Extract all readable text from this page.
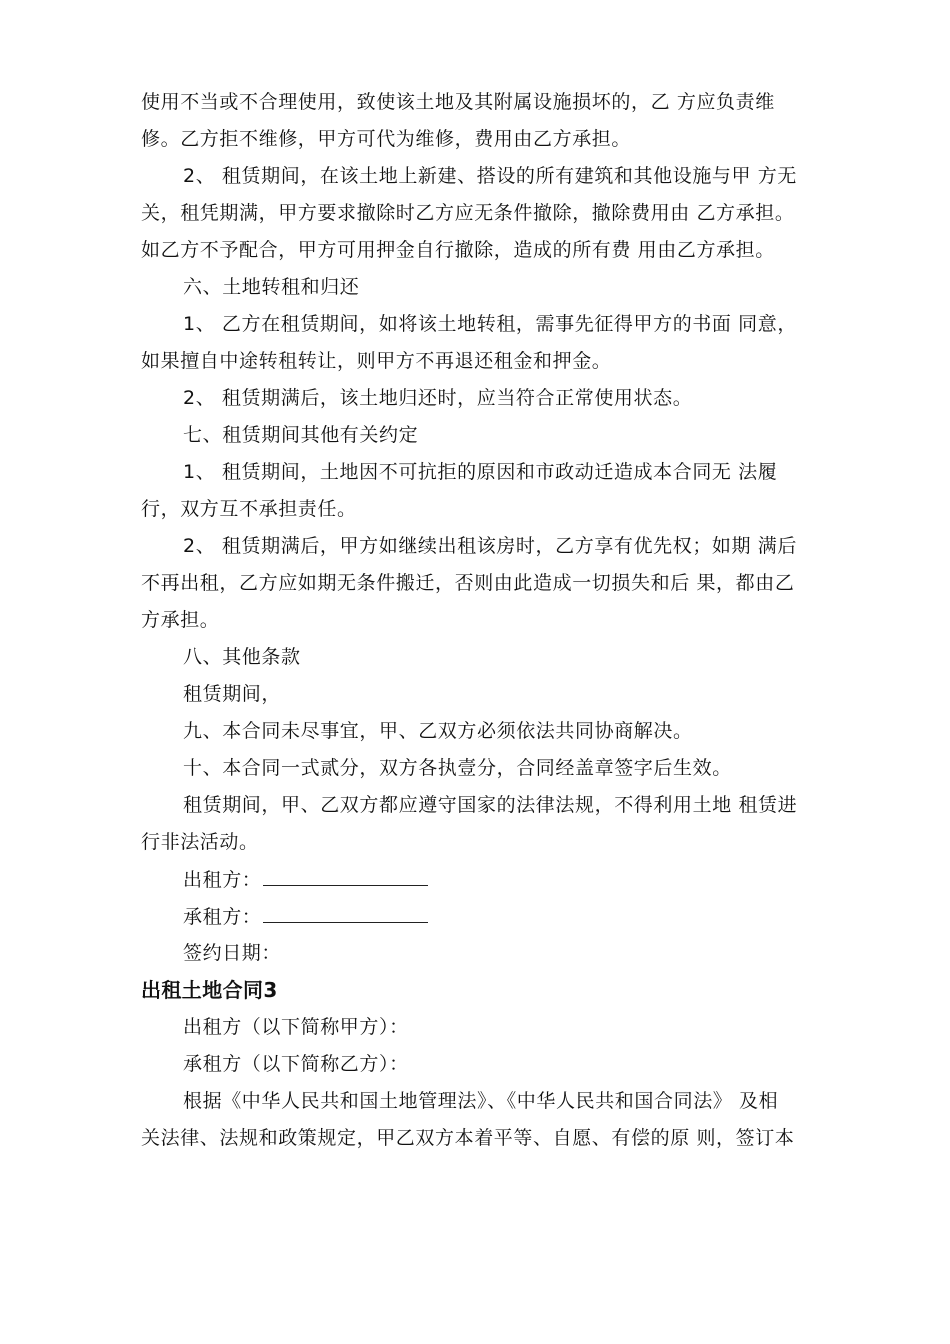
使用不当或不合理使用，致使该土地及其附属设施损坏的，乙 方应负责维
修。乙方拒不维修，甲方可代为维修，费用由乙方承担。
2、 租赁期间，在该土地上新建、搭设的所有建筑和其他设施与甲 方无
关，租凭期满，甲方要求撤除时乙方应无条件撤除，撤除费用由 乙方承担。
如乙方不予配合，甲方可用押金自行撤除，造成的所有费 用由乙方承担。
六、土地转租和归还
1、 乙方在租赁期间，如将该土地转租，需事先征得甲方的书面 同意，
如果擅自中途转租转让，则甲方不再退还租金和押金。
2、 租赁期满后，该土地归还时，应当符合正常使用状态。
七、租赁期间其他有关约定
1、 租赁期间，土地因不可抗拒的原因和市政动迁造成本合同无 法履
行，双方互不承担责任。
2、 租赁期满后，甲方如继续出租该房时，乙方享有优先权；如期 满后
不再出租，乙方应如期无条件搬迁，否则由此造成一切损失和后 果，都由乙
方承担。
八、其他条款
租赁期间，
九、本合同未尽事宜，甲、乙双方必须依法共同协商解决。
十、本合同一式贰分，双方各执壹分，合同经盖章签字后生效。
租赁期间，甲、乙双方都应遵守国家的法律法规，不得利用土地 租赁进
行非法活动。
出租方：
承租方：
签约日期：
出租土地合同3
出租方（以下简称甲方）：
承租方（以下简称乙方）：
根据《中华人民共和国土地管理法》、《中华人民共和国合同法》 及相
关法律、法规和政策规定，甲乙双方本着平等、自愿、有偿的原 则，签订本
